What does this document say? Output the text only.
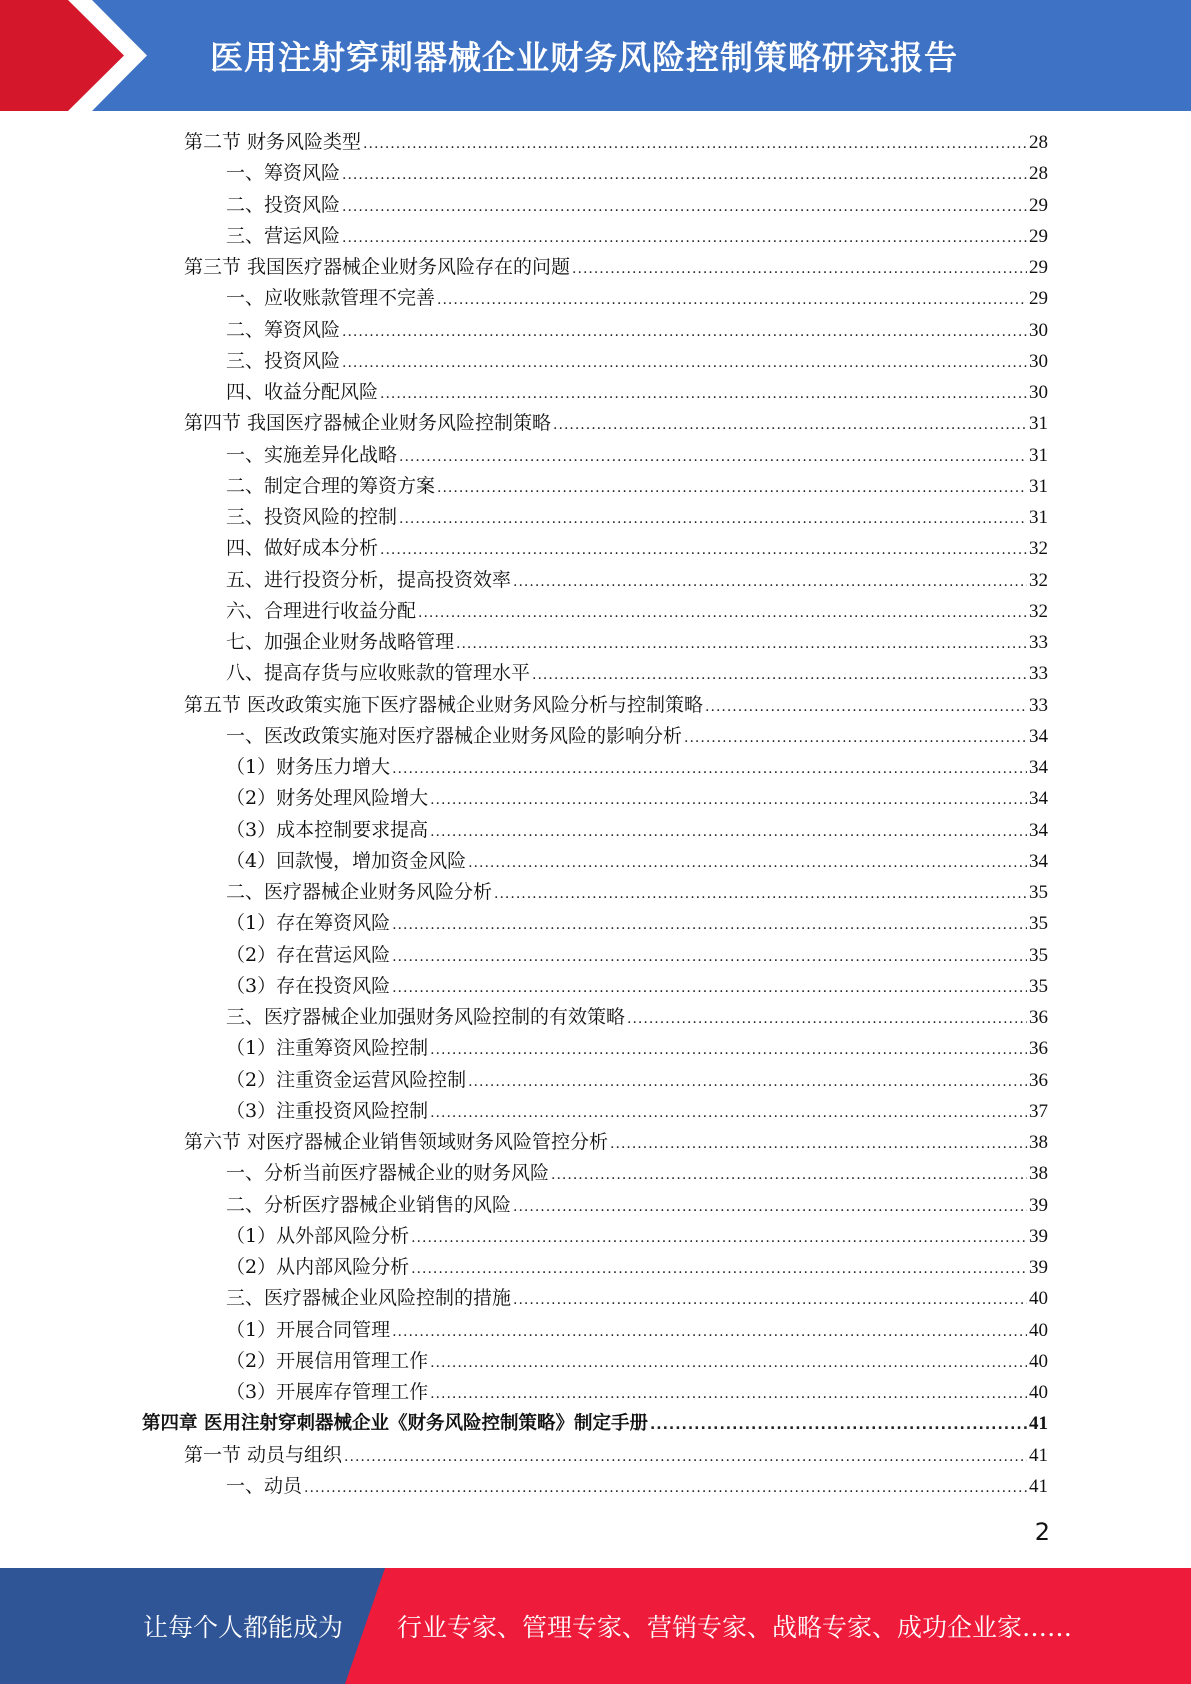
医用注射穿刺器械企业财务风险控制策略研究报告
第二节 财务风险类型 .....	28
一、筹资风险 .....	28
二、投资风险 .....	29
三、营运风险 .....	29
第三节 我国医疗器械企业财务风险存在的问题 .....	29
一、应收账款管理不完善 .....	29
二、筹资风险 .....	30
三、投资风险 .....	30
四、收益分配风险 .....	30
第四节 我国医疗器械企业财务风险控制策略 .....	31
一、实施差异化战略 .....	31
二、制定合理的筹资方案 .....	31
三、投资风险的控制 .....	31
四、做好成本分析 .....	32
五、进行投资分析，提高投资效率 .....	32
六、合理进行收益分配 .....	32
七、加强企业财务战略管理 .....	33
八、提高存货与应收账款的管理水平 .....	33
第五节 医改政策实施下医疗器械企业财务风险分析与控制策略 .....	33
一、医改政策实施对医疗器械企业财务风险的影响分析 .....	34
（1）财务压力增大 .....	34
（2）财务处理风险增大 .....	34
（3）成本控制要求提高 .....	34
（4）回款慢，增加资金风险 .....	34
二、医疗器械企业财务风险分析 .....	35
（1）存在筹资风险 .....	35
（2）存在营运风险 .....	35
（3）存在投资风险 .....	35
三、医疗器械企业加强财务风险控制的有效策略 .....	36
（1）注重筹资风险控制 .....	36
（2）注重资金运营风险控制 .....	36
（3）注重投资风险控制 .....	37
第六节 对医疗器械企业销售领域财务风险管控分析 .....	38
一、分析当前医疗器械企业的财务风险 .....	38
二、分析医疗器械企业销售的风险 .....	39
（1）从外部风险分析 .....	39
（2）从内部风险分析 .....	39
三、医疗器械企业风险控制的措施 .....	40
（1）开展合同管理 .....	40
（2）开展信用管理工作 .....	40
（3）开展库存管理工作 .....	40
第四章 医用注射穿刺器械企业《财务风险控制策略》制定手册 .....	41
第一节 动员与组织 .....	41
一、动员 .....	41
2
让每个人都能成为 行业专家、管理专家、营销专家、战略专家、成功企业家……
